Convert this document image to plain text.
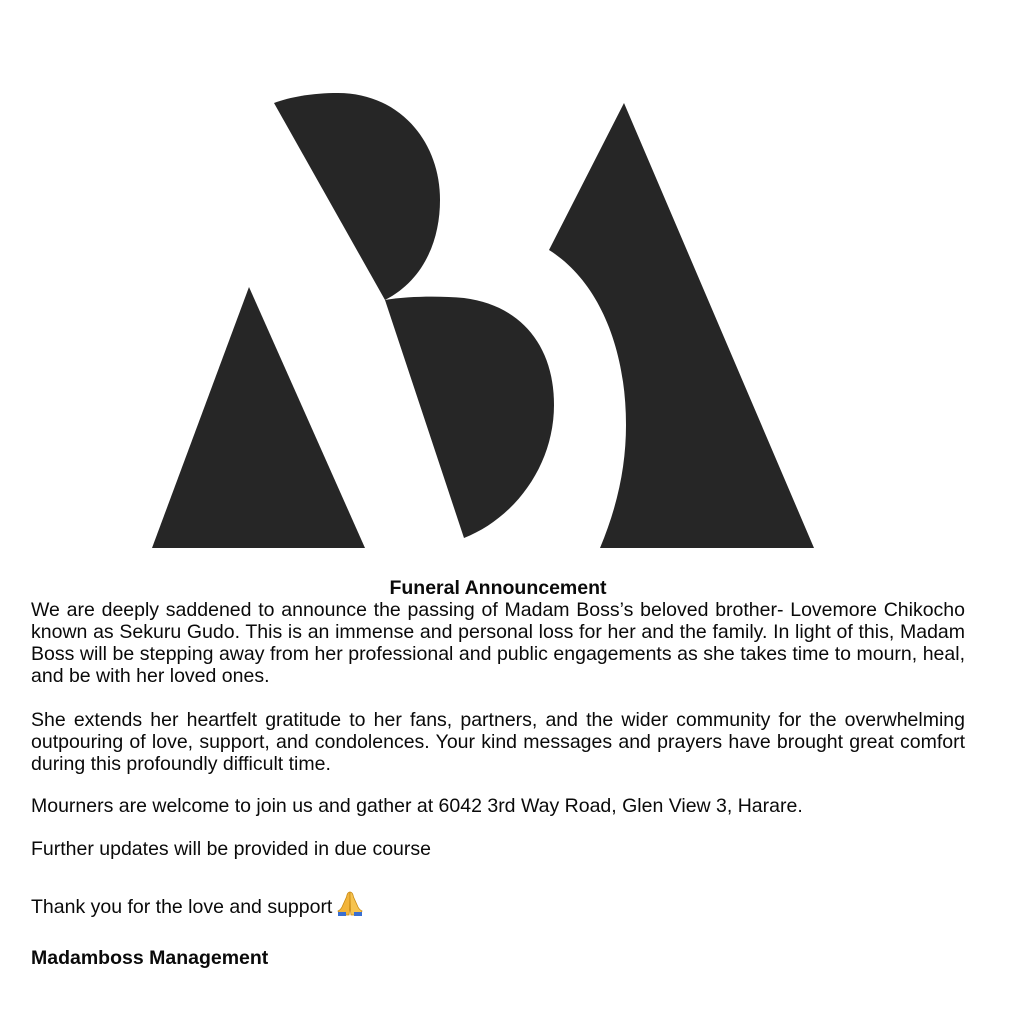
Funeral Announcement

We are deeply saddened to announce the passing of Madam Boss’s beloved brother- Lovemore Chikocho known as Sekuru Gudo. This is an immense and personal loss for her and the family. In light of this, Madam Boss will be stepping away from her professional and public engagements as she takes time to mourn, heal, and be with her loved ones.

She extends her heartfelt gratitude to her fans, partners, and the wider community for the overwhelming outpouring of love, support, and condolences. Your kind messages and prayers have brought great comfort during this profoundly difficult time.

Mourners are welcome to join us and gather at 6042 3rd Way Road, Glen View 3, Harare.

Further updates will be provided in due course

Thank you for the love and support

Madamboss Management
